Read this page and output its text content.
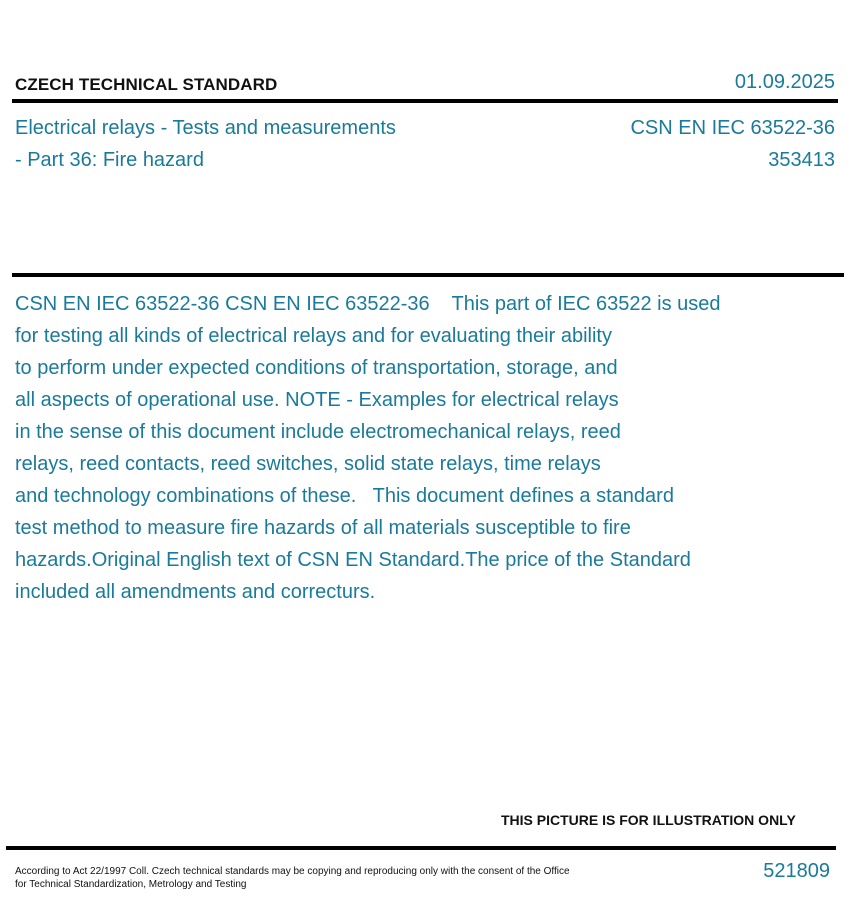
CZECH TECHNICAL STANDARD	01.09.2025
Electrical relays - Tests and measurements
- Part 36: Fire hazard
CSN EN IEC 63522-36
353413
CSN EN IEC 63522-36 CSN EN IEC 63522-36    This part of IEC 63522 is used
for testing all kinds of electrical relays and for evaluating their ability
to perform under expected conditions of transportation, storage, and
all aspects of operational use. NOTE - Examples for electrical relays
in the sense of this document include electromechanical relays, reed
relays, reed contacts, reed switches, solid state relays, time relays
and technology combinations of these.   This document defines a standard
test method to measure fire hazards of all materials susceptible to fire
hazards.Original English text of CSN EN Standard.The price of the Standard
included all amendments and correcturs.
THIS PICTURE IS FOR ILLUSTRATION ONLY
According to Act 22/1997 Coll. Czech technical standards may be copying and reproducing only with the consent of the Office
for Technical Standardization, Metrology and Testing
521809
